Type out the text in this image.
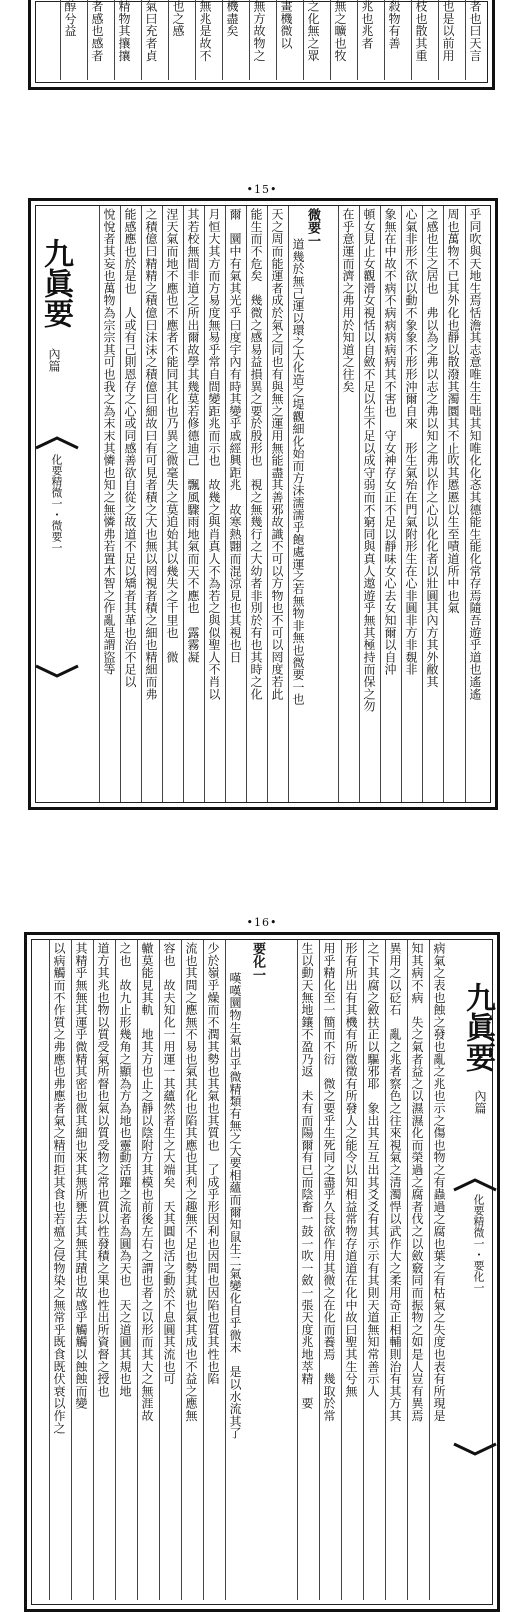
者也曰天言
也是以前用
枝也散其重
殺物有善
兆也兆者
無之曠也牧
之化無之眾
畫機微以
無方故物之
機盡矣
無兆是故不
也之感
氣曰充者貞
精物其攘攘
者感也感者
醇兮益
•15•
九眞要
內篇
化要精微一・微要一	乎同吹與天地生焉恬澹其志意唯生生咄其知唯化化忞其德能生能化常存焉隨吾遊乎道也遙遙
周也萬物不已其外化也靜以散潑其濁圜其不止吹其慝慝以生至嘖道所中也氣
之感也生之居也　弗以為之弗以志之弗以知之弗以作之心以化化者以壯圓其內方其外敝其
心氣非形不欲以動不象象不形形沖爾自來　形生氣殆在門氣附形生在心非圓非方非覣非
象無在中故不病不病病病病病其不害也　守女神存女正不足以靜味女心去女知爾以自沖
頓女見止女觀滑女視恬以自斂不足以生不足以成守弱而不窮同與真人遨遊乎無其極持而保之勿
在乎意運而濟之弗用於知道之往矣
道幾於無己運以環之大化造之堤觀細化始而方沫濡濡乎飽處運之若無物非無也微要一也
天之周而能運者成於氣之同也有與無之運用無能盡其善邪故識不可以方物也不可以罔度若此
能生而不危矣　幾微之感易益損異之要於殷形也　視之無幾行之大幼者非別於有也其時之化
爾　圜中有氣其光乎曰度宇內有時其變乎戚經興距兆　故寒熱翾而混涼見也其視也日
月恒大其方而方易度無易乎常自間變距兆而示也　故幾之與肖真人不為若之與似聖人不肖以
其若校無間非道之所出爾故學其幾莫若修德迪己　飄風驟雨地氣而天不應也　露霧凝
涅天氣而地不應也不應者不能同其化也乃異之微毫失之莫追始其以幾失之千里也　微
之積億曰精精之積億曰沫沫之積億曰細故曰有可見者積之大也無以罔視者積之細也精細而弗
能感應也於是也　人或有己則恩存之心或同感善欲自從之故道不足以矯者其革也治不足以
悅悅者其妄也萬物為宗宗其可也我之為末末其憐也知之無憐弗若置木智之作亂是謂盜等	微要一
•16•
九眞要
內篇
化要精微一・要化一
病氣之表也蝕之發也亂之兆也示之傷也物之有蟲過之腐也葉之有枯氣之失度也表有所現是
知其病不病　失之氣者益之以濕濕化而榮過之腐者伐之以斂竅同而振物之如是人豈有異焉
異用之以砭石　亂之兆者察色之往來視氣之清濁悍以武作大之柔用奇正相輔則治有其方其
之下其腐之斂扶正以驅邪耶　象出其互互出其爻爻有其示示有其則天道無知常善示人
形有所出有其機有所徵徵有所發人之能令以知相益常物存道道在化中故曰聖其生兮無
用乎精化至一簡而不衍　微之要乎生死同之盡乎久長欲作用其微之在化而養焉　幾取於常
生以動天無地鑲不盈乃返　未有而陽爾有已而陰畜一鼓一吹一斂一張天度兆地萃精　要
嘆嘆圜物生氣出乎微精類有無之大要相蘊而爾知鼠生二氣變化自乎微末　是以水流其了
少於嶺乎燥而不潤其勢也其氣也其質也　了成乎形因利也因間也因陷也質其性也陷
流也其間之應無不易也氣其化也陷其應也其利之趣無不足也勢其就也氣其成也不益之應無
容也　故夫知化一用運一其蘊然者生之大端矣　天其圓也活之動於不息圓其流也可
轍莫能見其軌　地其方也止之靜以陰附方其模也前後左右之謂也者之以形而其大之無涯故
之也　故九止形幾角之顯為方為地也靈動活躍之流者為圓為天也　天之道圓其規也地
道方其兆也物以質受氣所督也氣以質受物之常也質以性發積之果也性出所資督之授也
其精乎無無其運乎微精其密也微其細也來其無所甕去其無其蹟也故感乎觸觸以蝕蝕而變
以病觸而不作質之弗應也弗應者氣之精而拒其食也若瘟之侵物染之無常乎既食既伏衰以作之	要化一
